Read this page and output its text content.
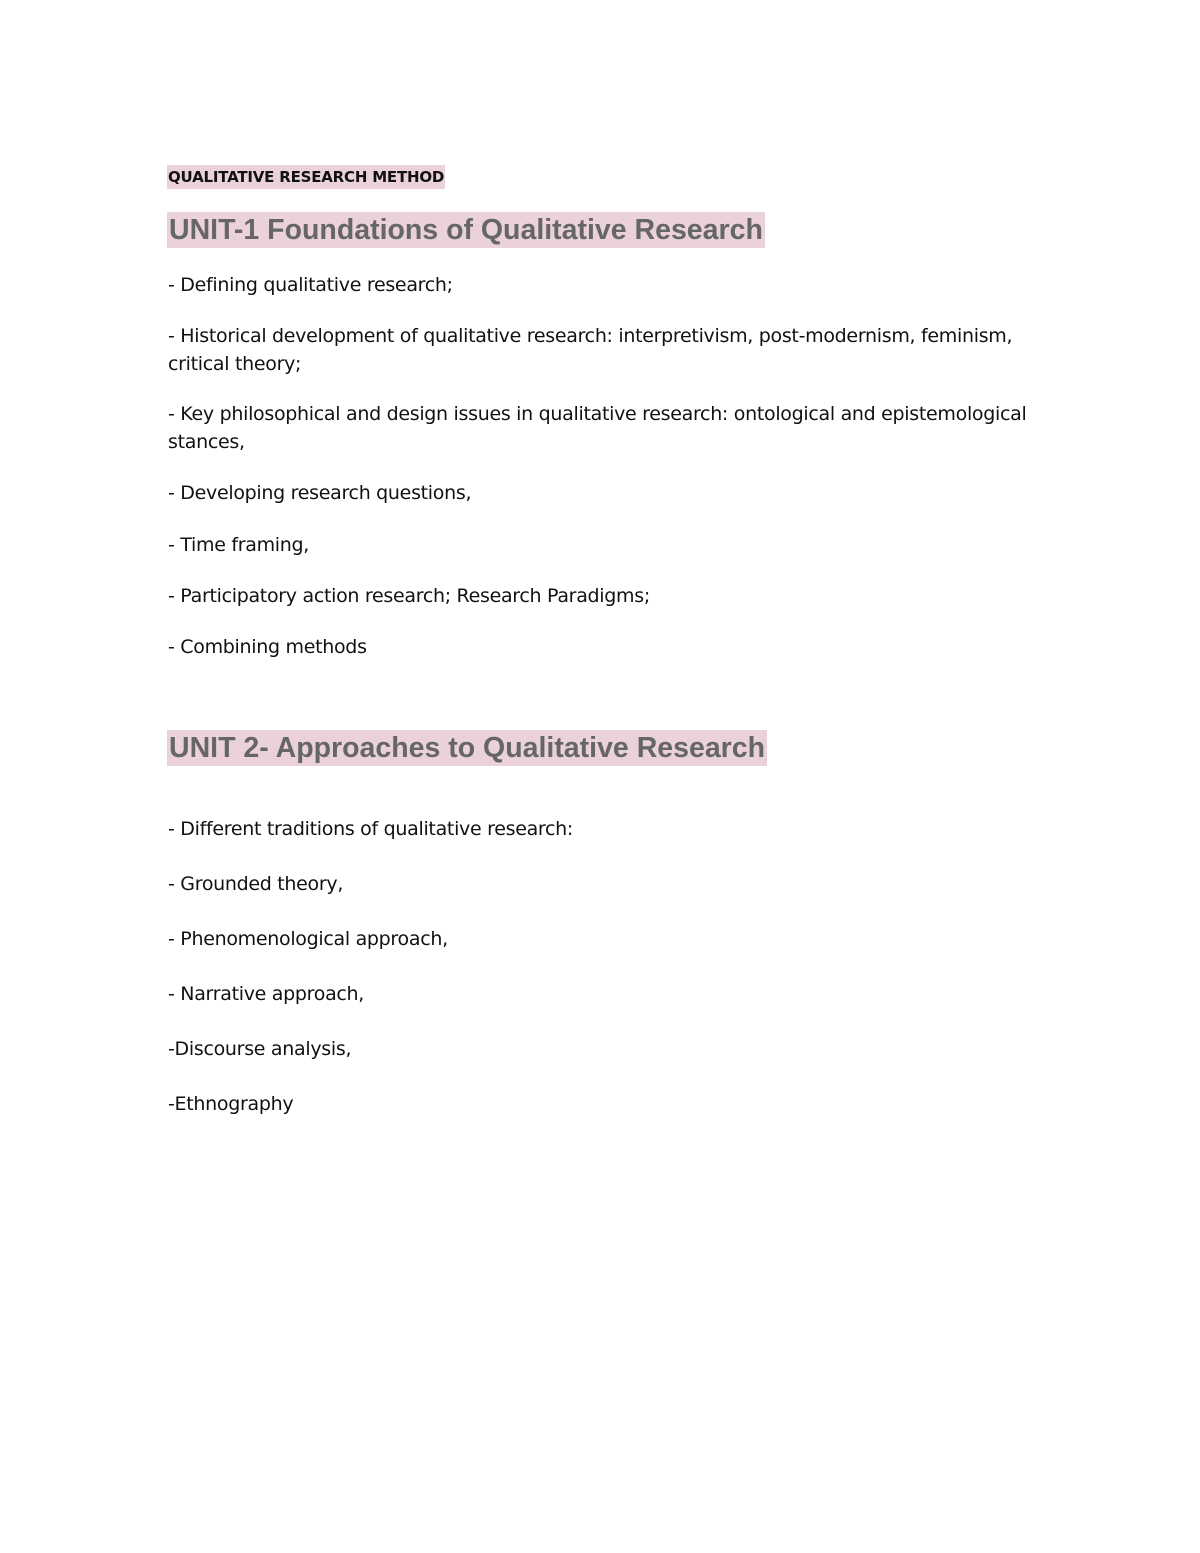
QUALITATIVE RESEARCH METHOD
UNIT-1 Foundations of Qualitative Research
- Defining qualitative research;
- Historical development of qualitative research: interpretivism, post-modernism, feminism, critical theory;
- Key philosophical and design issues in qualitative research: ontological and epistemological stances,
- Developing research questions,
- Time framing,
- Participatory action research; Research Paradigms;
- Combining methods
UNIT 2- Approaches to Qualitative Research
- Different traditions of qualitative research:
- Grounded theory,
- Phenomenological approach,
- Narrative approach,
-Discourse analysis,
-Ethnography
